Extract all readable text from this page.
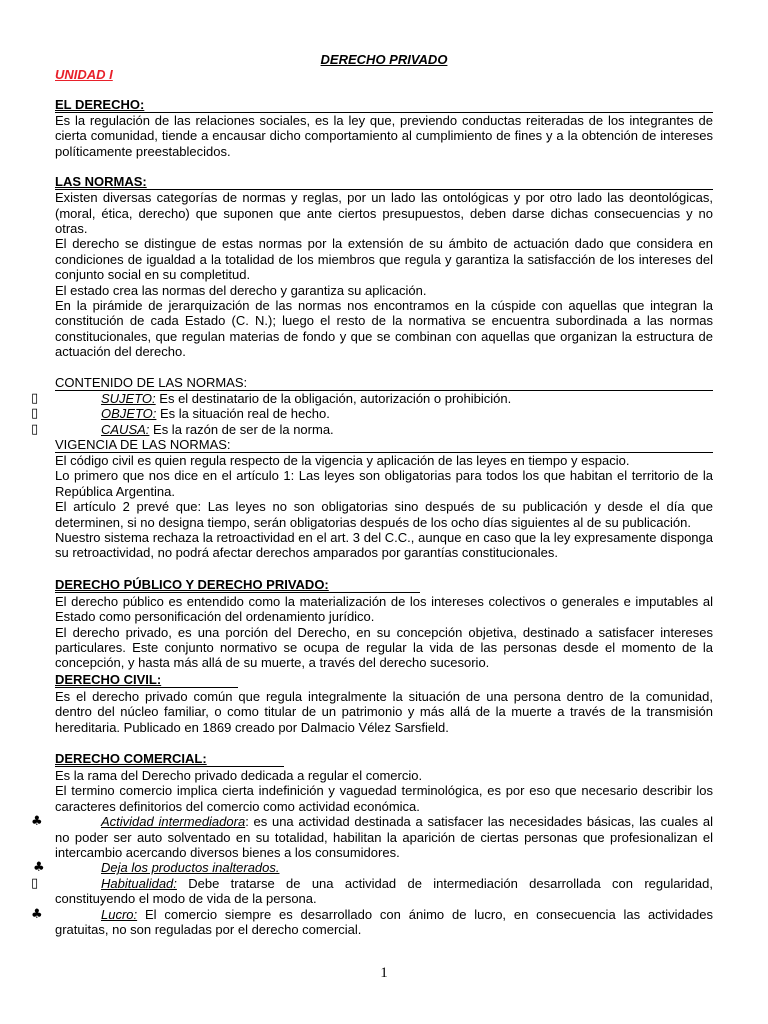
DERECHO PRIVADO
UNIDAD I
EL DERECHO:

Es la regulación de las relaciones sociales, es la ley que, previendo conductas reiteradas de los integrantes de cierta comunidad, tiende a encausar dicho comportamiento al cumplimiento de fines y a la obtención de intereses políticamente preestablecidos.

LAS NORMAS:

Existen diversas categorías de normas y reglas, por un lado las ontológicas y por otro lado las deontológicas, (moral, ética, derecho) que suponen que ante ciertos presupuestos, deben darse dichas consecuencias y no otras.

El derecho se distingue de estas normas por la extensión de su ámbito de actuación dado que considera en condiciones de igualdad a la totalidad de los miembros que regula y garantiza la satisfacción de los intereses del conjunto social en su completitud.

El estado crea las normas del derecho y garantiza su aplicación.

En la pirámide de jerarquización de las normas nos encontramos en la cúspide con aquellas que integran la constitución de cada Estado (C. N.); luego el resto de la normativa se encuentra subordinada a las normas constitucionales, que regulan materias de fondo y que se combinan con aquellas que organizan la estructura de actuación del derecho.

CONTENIDO DE LAS NORMAS:
▯	SUJETO: Es el destinatario de la obligación, autorización o prohibición.
▯	OBJETO: Es la situación real de hecho.
▯	CAUSA: Es la razón de ser de la norma.
VIGENCIA DE LAS NORMAS:

El código civil es quien regula respecto de la vigencia y aplicación de las leyes en tiempo y espacio.

Lo primero que nos dice en el artículo 1: Las leyes son obligatorias para todos los que habitan el territorio de la República Argentina.

El artículo 2 prevé que: Las leyes no son obligatorias sino después de su publicación y desde el día que determinen, si no designa tiempo, serán obligatorias después de los ocho días siguientes al de su publicación.

Nuestro sistema rechaza la retroactividad en el art. 3 del C.C., aunque en caso que la ley expresamente disponga su retroactividad, no podrá afectar derechos amparados por garantías constitucionales.

DERECHO PÚBLICO Y DERECHO PRIVADO:

El derecho público es entendido como la materialización de los intereses colectivos o generales e imputables al Estado como personificación del ordenamiento jurídico.

El derecho privado, es una porción del Derecho, en su concepción objetiva, destinado a satisfacer intereses particulares. Este conjunto normativo se ocupa de regular la vida de las personas desde el momento de la concepción, y hasta más allá de su muerte, a través del derecho sucesorio.

DERECHO CIVIL:

Es el derecho privado común que regula integralmente la situación de una persona dentro de la comunidad, dentro del núcleo familiar, o como titular de un patrimonio y más allá de la muerte a través de la transmisión hereditaria. Publicado en 1869 creado por Dalmacio Vélez Sarsfield.

DERECHO COMERCIAL:

Es la rama del Derecho privado dedicada a regular el comercio.

El termino comercio implica cierta indefinición y vaguedad terminológica, es por eso que necesario describir los caracteres definitorios del comercio como actividad económica.

♣	Actividad intermediadora: es una actividad destinada a satisfacer las necesidades básicas, las cuales al no poder ser auto solventado en su totalidad, habilitan la aparición de ciertas personas que profesionalizan el intercambio acercando diversos bienes a los consumidores.
♣	Deja los productos inalterados.
▯	Habitualidad: Debe tratarse de una actividad de intermediación desarrollada con regularidad, constituyendo el modo de vida de la persona.
♣	Lucro: El comercio siempre es desarrollado con ánimo de lucro, en consecuencia las actividades gratuitas, no son reguladas por el derecho comercial.
1
